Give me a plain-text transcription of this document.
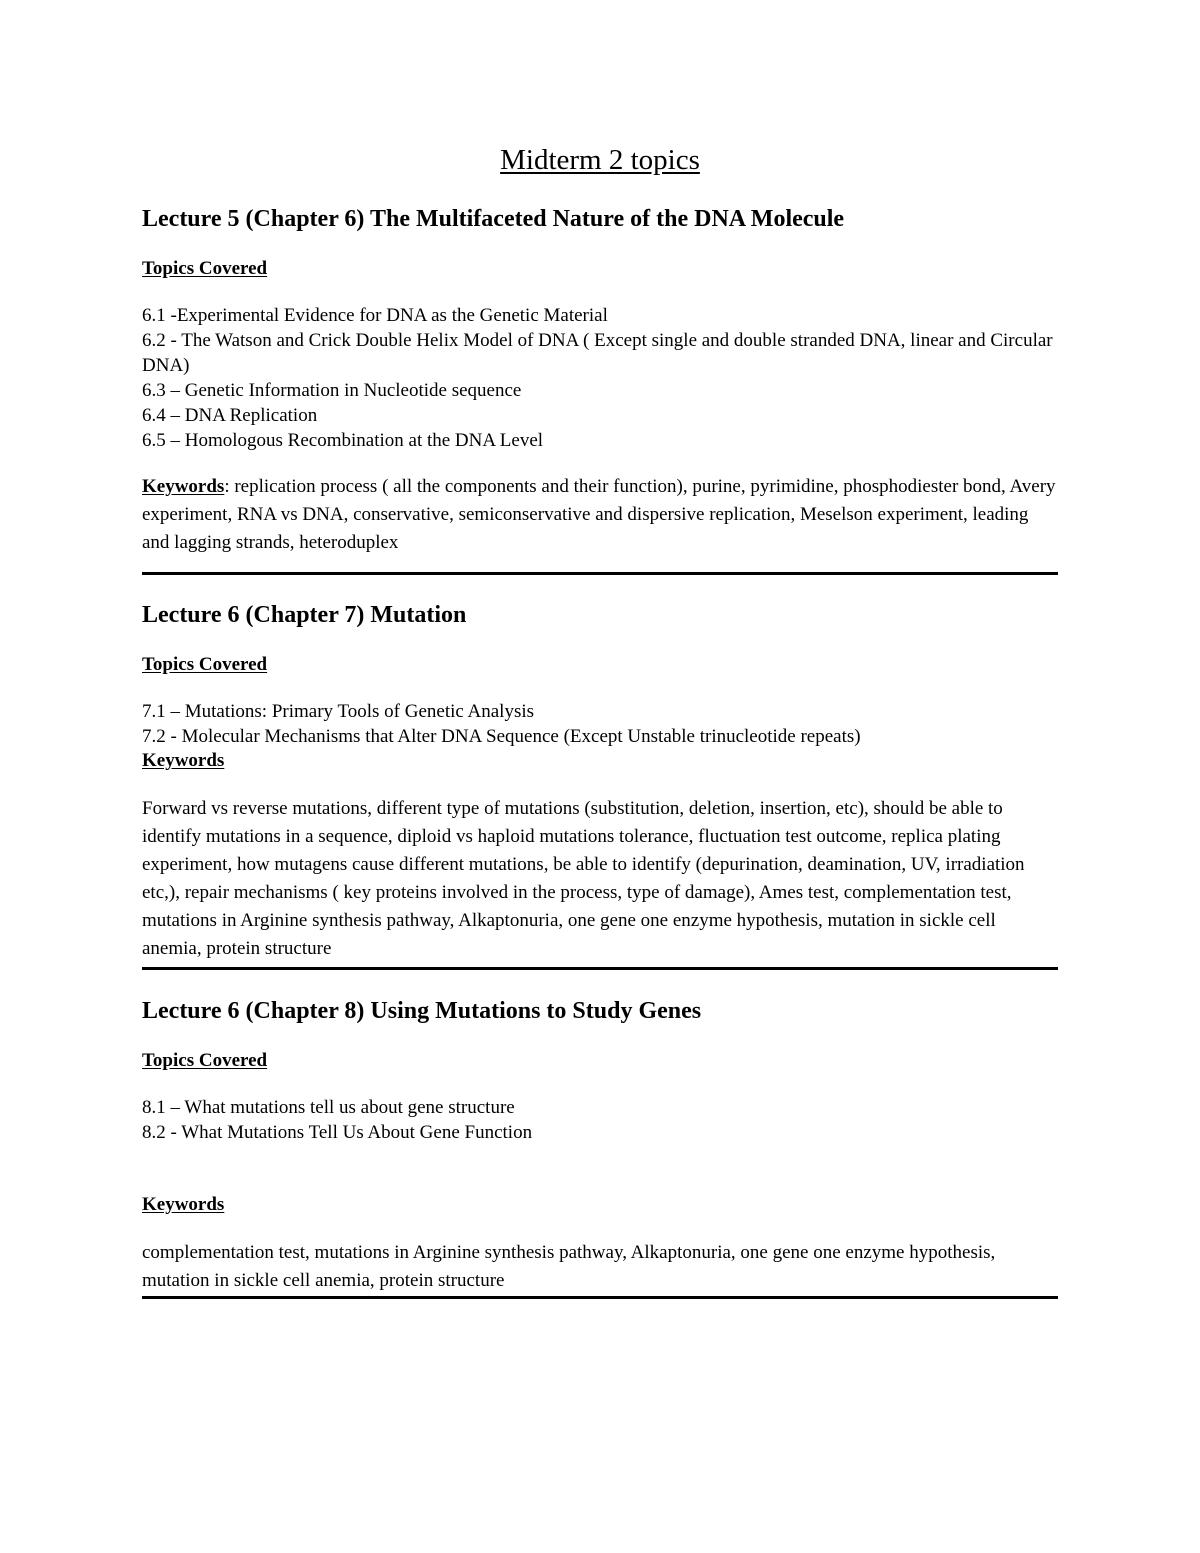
Midterm 2 topics
Lecture 5 (Chapter 6) The Multifaceted Nature of the DNA Molecule

Topics Covered

6.1 -Experimental Evidence for DNA as the Genetic Material
6.2 - The Watson and Crick Double Helix Model of DNA ( Except single and double stranded DNA, linear and Circular DNA)
6.3 – Genetic Information in Nucleotide sequence
6.4 – DNA Replication
6.5 – Homologous Recombination at the DNA Level

Keywords: replication process ( all the components and their function), purine, pyrimidine, phosphodiester bond, Avery experiment, RNA vs DNA, conservative, semiconservative and dispersive replication, Meselson experiment, leading and lagging strands, heteroduplex

Lecture 6 (Chapter 7) Mutation

Topics Covered

7.1 – Mutations: Primary Tools of Genetic Analysis
7.2 - Molecular Mechanisms that Alter DNA Sequence (Except Unstable trinucleotide repeats)

Keywords

Forward vs reverse mutations, different type of mutations (substitution, deletion, insertion, etc), should be able to identify mutations in a sequence, diploid vs haploid mutations tolerance, fluctuation test outcome, replica plating experiment, how mutagens cause different mutations, be able to identify (depurination, deamination, UV, irradiation etc,), repair mechanisms ( key proteins involved in the process, type of damage), Ames test, complementation test, mutations in Arginine synthesis pathway, Alkaptonuria, one gene one enzyme hypothesis, mutation in sickle cell anemia, protein structure

Lecture 6 (Chapter 8) Using Mutations to Study Genes

Topics Covered

8.1 – What mutations tell us about gene structure
8.2 - What Mutations Tell Us About Gene Function

Keywords

complementation test, mutations in Arginine synthesis pathway, Alkaptonuria, one gene one enzyme hypothesis, mutation in sickle cell anemia, protein structure
